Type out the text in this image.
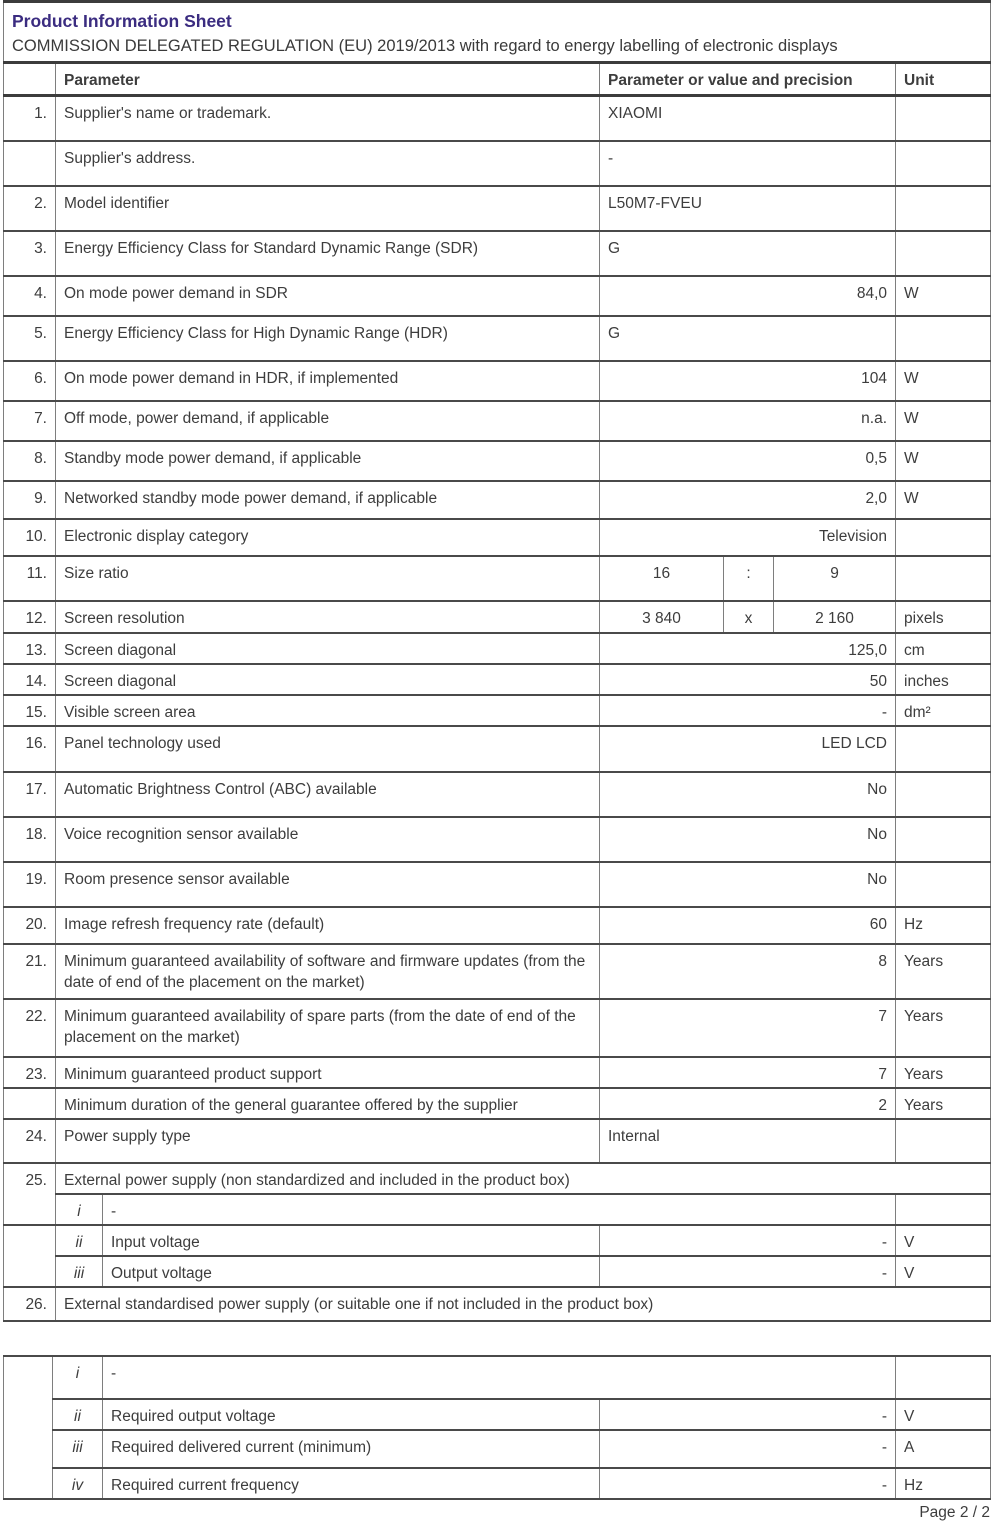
Product Information Sheet
COMMISSION DELEGATED REGULATION (EU) 2019/2013 with regard to energy labelling of electronic displays						

	Parameter		Parameter or value and precision			Unit
1.	Supplier's name or trademark.		XIAOMI			
	Supplier's address.		-			
2.	Model identifier		L50M7-FVEU			
3.	Energy Efficiency Class for Standard Dynamic Range (SDR)		G			
4.	On mode power demand in SDR		84,0			W
5.	Energy Efficiency Class for High Dynamic Range (HDR)		G			
6.	On mode power demand in HDR, if implemented		104			W
7.	Off mode, power demand, if applicable		n.a.			W
8.	Standby mode power demand, if applicable		0,5			W
9.	Networked standby mode power demand, if applicable		2,0			W
10.	Electronic display category		Television			
11.	Size ratio		16	:	9	
12.	Screen resolution		3 840	x	2 160	pixels
13.	Screen diagonal		125,0			cm
14.	Screen diagonal		50			inches
15.	Visible screen area		-			dm²
16.	Panel technology used		LED LCD			
17.	Automatic Brightness Control (ABC) available		No			
18.	Voice recognition sensor available		No			
19.	Room presence sensor available		No			
20.	Image refresh frequency rate (default)		60			Hz
21.	Minimum guaranteed availability of software and firmware updates (from the date of end of the placement on the market)		8			Years
22.	Minimum guaranteed availability of spare parts (from the date of end of the placement on the market)		7			Years
23.	Minimum guaranteed product support		7			Years
	Minimum duration of the general guarantee offered by the supplier		2			Years
24.	Power supply type		Internal			
25.	External power supply (non standardized and included in the product box)					
	i	-				
	ii	Input voltage	-			V
	iii	Output voltage	-			V
26.	External standardised power supply (or suitable one if not included in the product box)					
	i	-		
	ii	Required output voltage	-	V
	iii	Required delivered current (minimum)	-	A
	iv	Required current frequency	-	Hz
Page 2 / 2
